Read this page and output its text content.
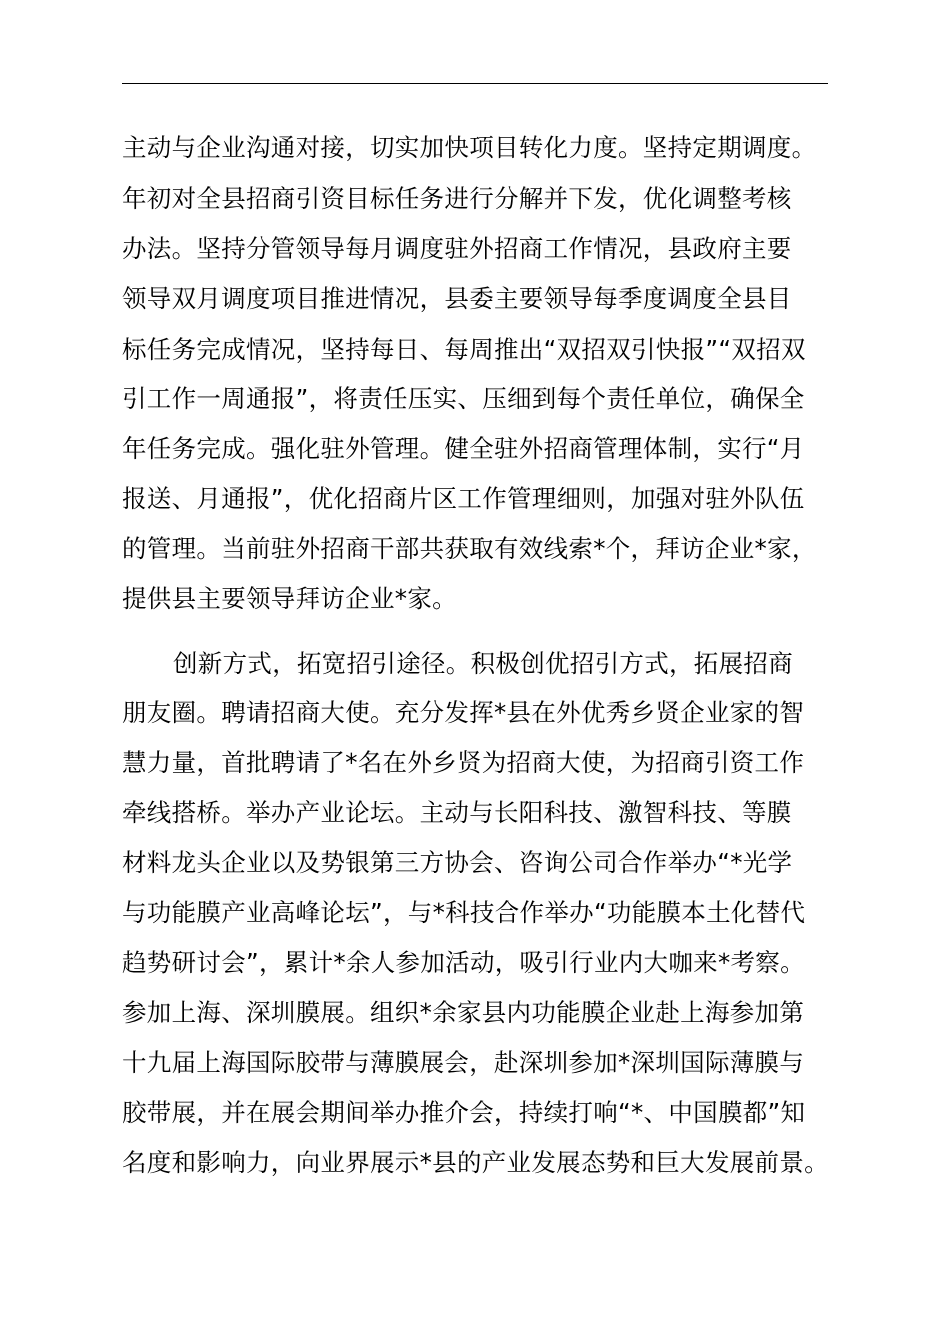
主动与企业沟通对接，切实加快项目转化力度。坚持定期调度。
年初对全县招商引资目标任务进行分解并下发，优化调整考核
办法。坚持分管领导每月调度驻外招商工作情况，县政府主要
领导双月调度项目推进情况，县委主要领导每季度调度全县目
标任务完成情况，坚持每日、每周推出“双招双引快报”“双招双
引工作一周通报”，将责任压实、压细到每个责任单位，确保全
年任务完成。强化驻外管理。健全驻外招商管理体制，实行“月
报送、月通报”，优化招商片区工作管理细则，加强对驻外队伍
的管理。当前驻外招商干部共获取有效线索*个，拜访企业*家，
提供县主要领导拜访企业*家。
创新方式，拓宽招引途径。积极创优招引方式，拓展招商
朋友圈。聘请招商大使。充分发挥*县在外优秀乡贤企业家的智
慧力量，首批聘请了*名在外乡贤为招商大使，为招商引资工作
牵线搭桥。举办产业论坛。主动与长阳科技、激智科技、等膜
材料龙头企业以及势银第三方协会、咨询公司合作举办“*光学
与功能膜产业高峰论坛”，与*科技合作举办“功能膜本土化替代
趋势研讨会”，累计*余人参加活动，吸引行业内大咖来*考察。
参加上海、深圳膜展。组织*余家县内功能膜企业赴上海参加第
十九届上海国际胶带与薄膜展会，赴深圳参加*深圳国际薄膜与
胶带展，并在展会期间举办推介会，持续打响“*、中国膜都”知
名度和影响力，向业界展示*县的产业发展态势和巨大发展前景。
